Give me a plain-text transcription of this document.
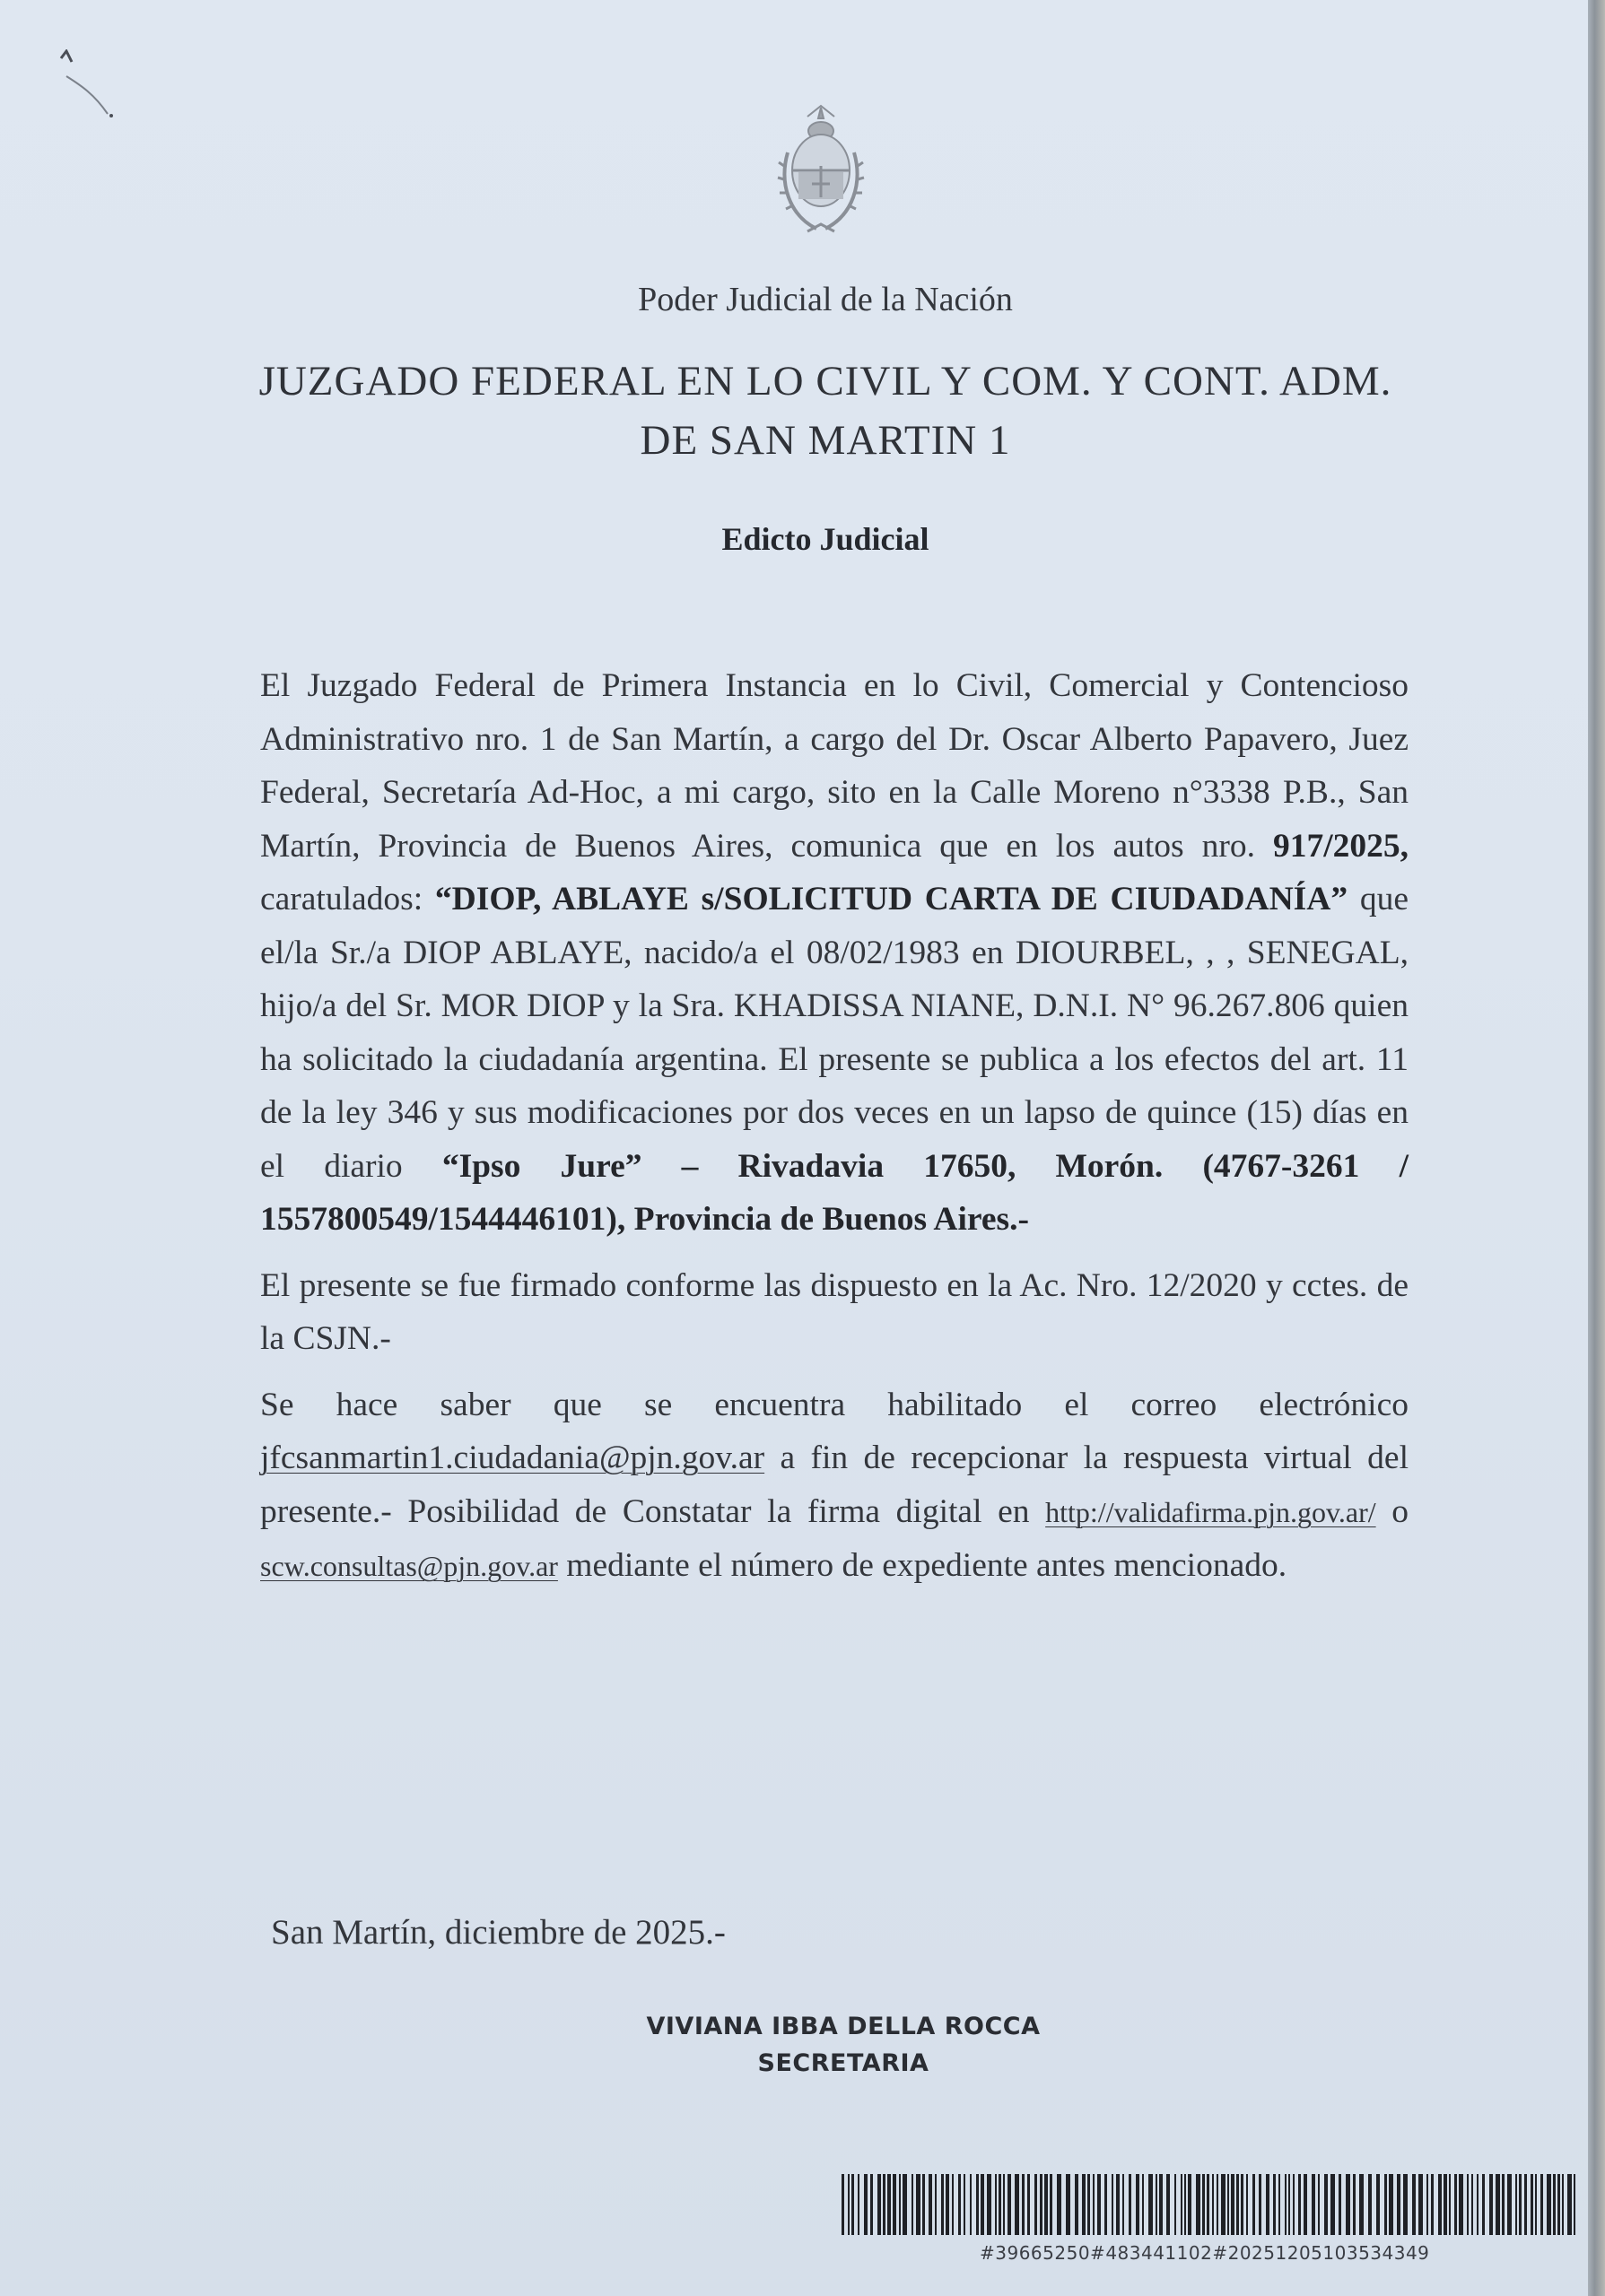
Poder Judicial de la Nación
JUZGADO FEDERAL EN LO CIVIL Y COM. Y CONT. ADM.
DE SAN MARTIN 1
Edicto Judicial

El Juzgado Federal de Primera Instancia en lo Civil, Comercial y Contencioso Administrativo nro. 1 de San Martín, a cargo del Dr. Oscar Alberto Papavero, Juez Federal, Secretaría Ad-Hoc, a mi cargo, sito en la Calle Moreno n°3338 P.B., San Martín, Provincia de Buenos Aires, comunica que en los autos nro. 917/2025, caratulados: “DIOP, ABLAYE s/SOLICITUD CARTA DE CIUDADANÍA” que el/la Sr./a DIOP ABLAYE, nacido/a el 08/02/1983 en DIOURBEL, , , SENEGAL, hijo/a del Sr. MOR DIOP y la Sra. KHADISSA NIANE, D.N.I. N° 96.267.806 quien ha solicitado la ciudadanía argentina. El presente se publica a los efectos del art. 11 de la ley 346 y sus modificaciones por dos veces en un lapso de quince (15) días en el diario “Ipso Jure” – Rivadavia 17650, Morón. (4767-3261 / 1557800549/1544446101), Provincia de Buenos Aires.-

El presente se fue firmado conforme las dispuesto en la Ac. Nro. 12/2020 y cctes. de la CSJN.-

Se hace saber que se encuentra habilitado el correo electrónico jfcsanmartin1.ciudadania@pjn.gov.ar a fin de recepcionar la respuesta virtual del presente.- Posibilidad de Constatar la firma digital en http://validafirma.pjn.gov.ar/ o scw.consultas@pjn.gov.ar mediante el número de expediente antes mencionado.

San Martín, diciembre de 2025.-
VIVIANA IBBA DELLA ROCCA
SECRETARIA
#39665250#483441102#20251205103534349
